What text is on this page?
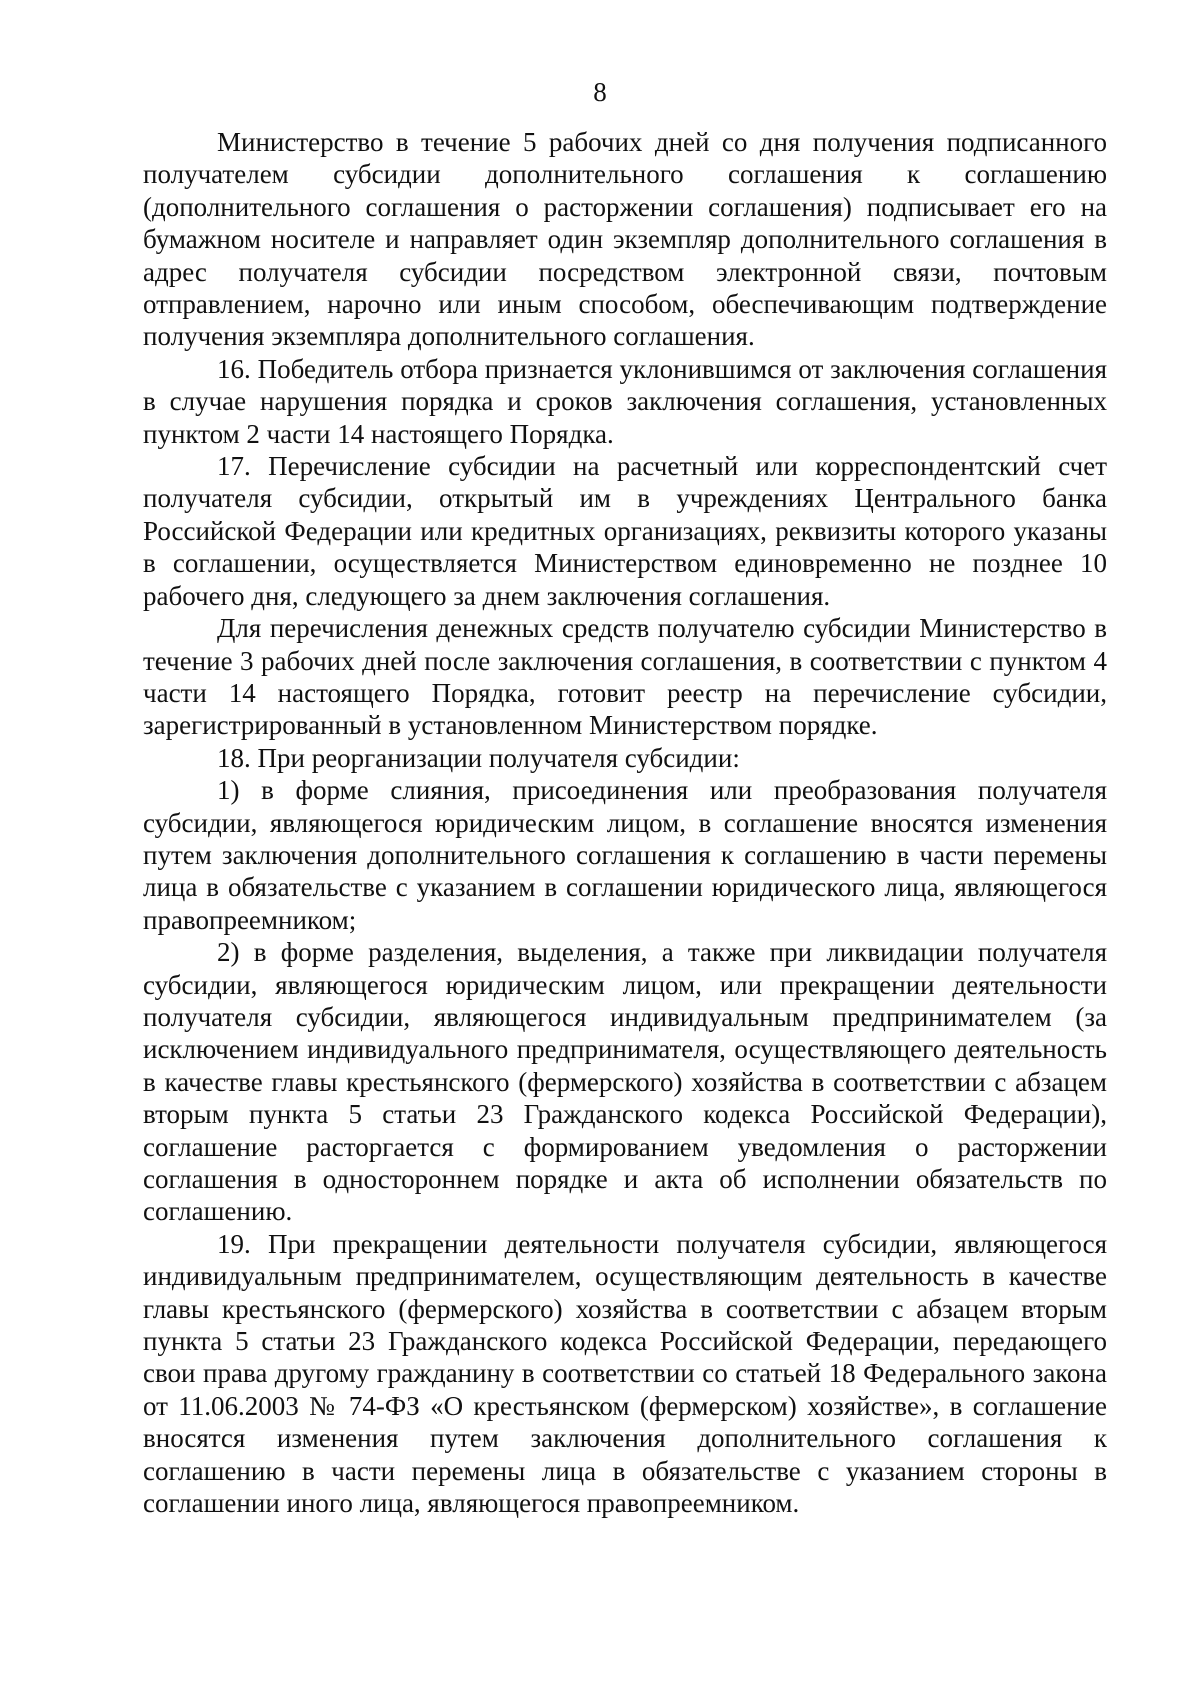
8

Министерство в течение 5 рабочих дней со дня получения подписанного получателем субсидии дополнительного соглашения к соглашению (дополнительного соглашения о расторжении соглашения) подписывает его на бумажном носителе и направляет один экземпляр дополнительного соглашения в адрес получателя субсидии посредством электронной связи, почтовым отправлением, нарочно или иным способом, обеспечивающим подтверждение получения экземпляра дополнительного соглашения.

16. Победитель отбора признается уклонившимся от заключения соглашения в случае нарушения порядка и сроков заключения соглашения, установленных пунктом 2 части 14 настоящего Порядка.

17. Перечисление субсидии на расчетный или корреспондентский счет получателя субсидии, открытый им в учреждениях Центрального банка Российской Федерации или кредитных организациях, реквизиты которого указаны в соглашении, осуществляется Министерством единовременно не позднее 10 рабочего дня, следующего за днем заключения соглашения.

Для перечисления денежных средств получателю субсидии Министерство в течение 3 рабочих дней после заключения соглашения, в соответствии с пунктом 4 части 14 настоящего Порядка, готовит реестр на перечисление субсидии, зарегистрированный в установленном Министерством порядке.

18. При реорганизации получателя субсидии:

1) в форме слияния, присоединения или преобразования получателя субсидии, являющегося юридическим лицом, в соглашение вносятся изменения путем заключения дополнительного соглашения к соглашению в части перемены лица в обязательстве с указанием в соглашении юридического лица, являющегося правопреемником;

2) в форме разделения, выделения, а также при ликвидации получателя субсидии, являющегося юридическим лицом, или прекращении деятельности получателя субсидии, являющегося индивидуальным предпринимателем (за исключением индивидуального предпринимателя, осуществляющего деятельность в качестве главы крестьянского (фермерского) хозяйства в соответствии с абзацем вторым пункта 5 статьи 23 Гражданского кодекса Российской Федерации), соглашение расторгается с формированием уведомления о расторжении соглашения в одностороннем порядке и акта об исполнении обязательств по соглашению.

19. При прекращении деятельности получателя субсидии, являющегося индивидуальным предпринимателем, осуществляющим деятельность в качестве главы крестьянского (фермерского) хозяйства в соответствии с абзацем вторым пункта 5 статьи 23 Гражданского кодекса Российской Федерации, передающего свои права другому гражданину в соответствии со статьей 18 Федерального закона от 11.06.2003 № 74-ФЗ «О крестьянском (фермерском) хозяйстве», в соглашение вносятся изменения путем заключения дополнительного соглашения к соглашению в части перемены лица в обязательстве с указанием стороны в соглашении иного лица, являющегося правопреемником.
